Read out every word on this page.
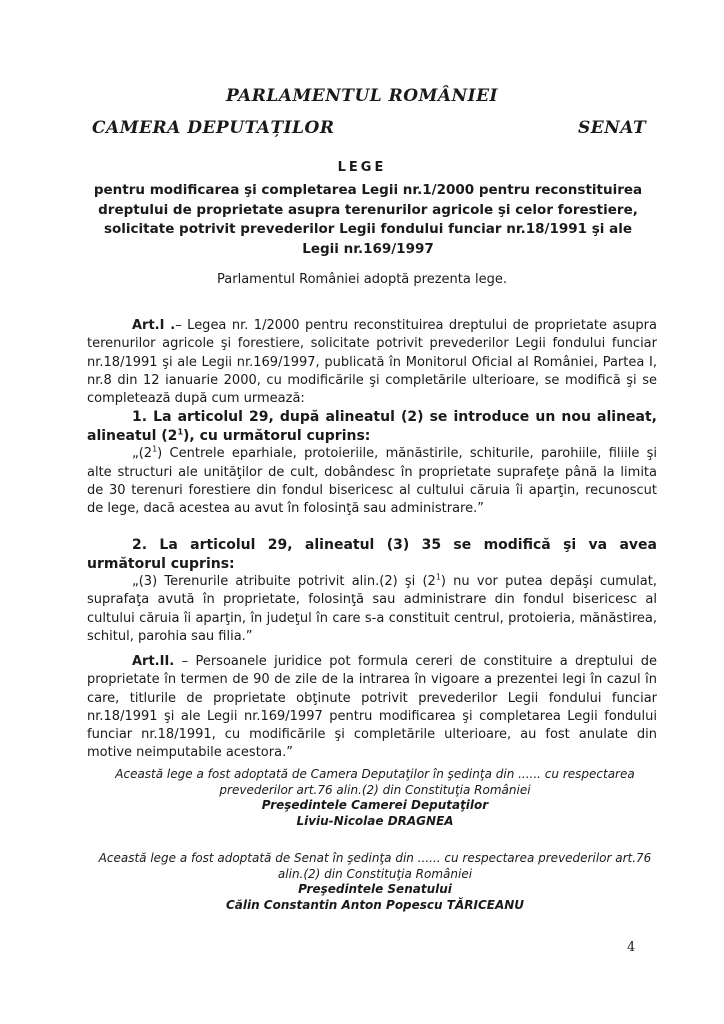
PARLAMENTUL ROMÂNIEI
CAMERA DEPUTAȚILOR	SENAT
LEGE
pentru modificarea şi completarea Legii nr.1/2000 pentru reconstituirea dreptului de proprietate asupra terenurilor agricole şi celor forestiere, solicitate potrivit prevederilor Legii fondului funciar nr.18/1991 şi ale Legii nr.169/1997
Parlamentul României adoptă prezenta lege.

Art.I .– Legea nr. 1/2000 pentru reconstituirea dreptului de proprietate asupra terenurilor agricole şi forestiere, solicitate potrivit prevederilor Legii fondului funciar nr.18/1991 şi ale Legii nr.169/1997, publicată în Monitorul Oficial al României, Partea I, nr.8 din 12 ianuarie 2000, cu modificările şi completările ulterioare, se modifică şi se completează după cum urmează:

1. La articolul 29, după alineatul (2) se introduce un nou alineat, alineatul $(2^1)$, cu următorul cuprins:

$„(2^1)$ Centrele eparhiale, protoieriile, mănăstirile, schiturile, parohiile, filiile şi alte structuri ale unităţilor de cult, dobândesc în proprietate suprafeţe până la limita de 30 terenuri forestiere din fondul bisericesc al cultului căruia îi aparţin, recunoscut de lege, dacă acestea au avut în folosinţă sau administrare.”

2. La articolul 29, alineatul (3) 35 se modifică şi va avea următorul cuprins:

„(3) Terenurile atribuite potrivit alin.(2) şi $(2^1)$ nu vor putea depăşi cumulat, suprafaţa avută în proprietate, folosinţă sau administrare din fondul bisericesc al cultului căruia îi aparţin, în judeţul în care s-a constituit centrul, protoieria, mănăstirea, schitul, parohia sau filia.”

Art.II. – Persoanele juridice pot formula cereri de constituire a dreptului de proprietate în termen de 90 de zile de la intrarea în vigoare a prezentei legi în cazul în care, titlurile de proprietate obţinute potrivit prevederilor Legii fondului funciar nr.18/1991 şi ale Legii nr.169/1997 pentru modificarea şi completarea Legii fondului funciar nr.18/1991, cu modificările şi completările ulterioare, au fost anulate din motive neimputabile acestora.”

Această lege a fost adoptată de Camera Deputaţilor în şedinţa din ...... cu respectarea prevederilor art.76 alin.(2) din Constituţia României

Preşedintele Camerei Deputaţilor

Liviu-Nicolae DRAGNEA

Această lege a fost adoptată de Senat în şedinţa din ...... cu respectarea prevederilor art.76 alin.(2) din Constituţia României

Preşedintele Senatului

Călin Constantin Anton Popescu TĂRICEANU

4
